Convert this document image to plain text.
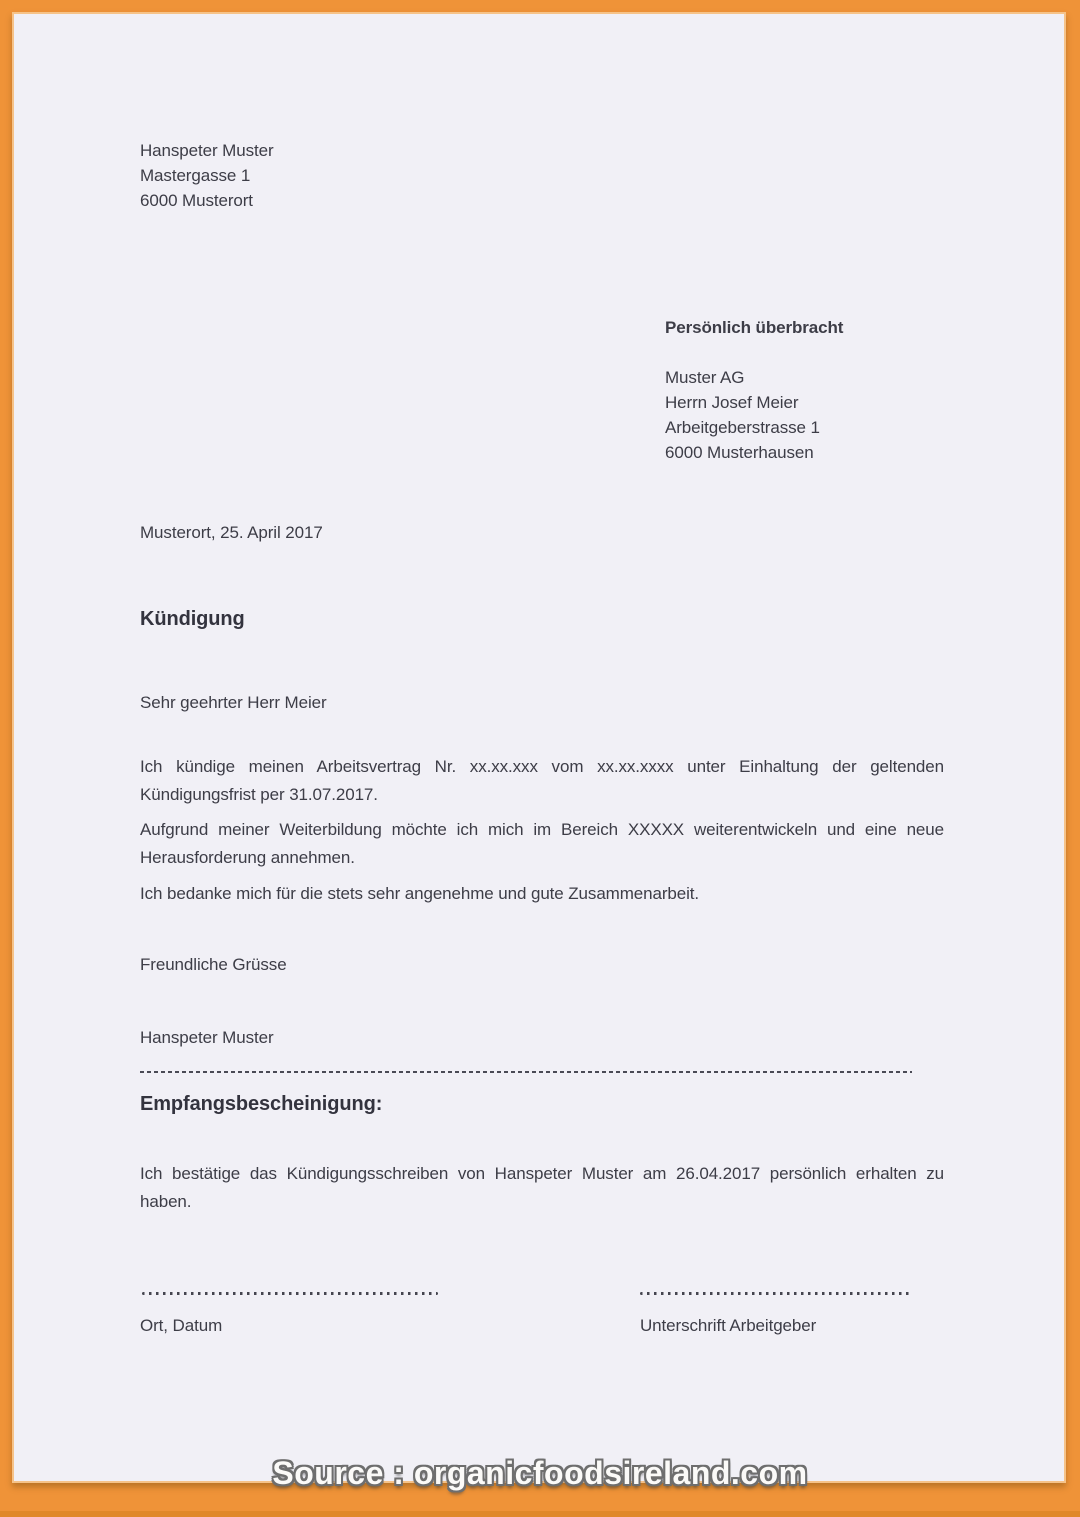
Hanspeter Muster
Mastergasse 1
6000 Musterort
Persönlich überbracht
Muster AG
Herrn Josef Meier
Arbeitgeberstrasse 1
6000 Musterhausen
Musterort, 25. April 2017
Kündigung
Sehr geehrter Herr Meier
Ich kündige meinen Arbeitsvertrag Nr. xx.xx.xxx vom xx.xx.xxxx unter Einhaltung der geltenden Kündigungsfrist per 31.07.2017.
Aufgrund meiner Weiterbildung möchte ich mich im Bereich XXXXX weiterentwickeln und eine neue Herausforderung annehmen.
Ich bedanke mich für die stets sehr angenehme und gute Zusammenarbeit.
Freundliche Grüsse
Hanspeter Muster
Empfangsbescheinigung:
Ich bestätige das Kündigungsschreiben von Hanspeter Muster am 26.04.2017 persönlich erhalten zu haben.
Ort, Datum	Unterschrift Arbeitgeber
Source : organicfoodsireland.com
